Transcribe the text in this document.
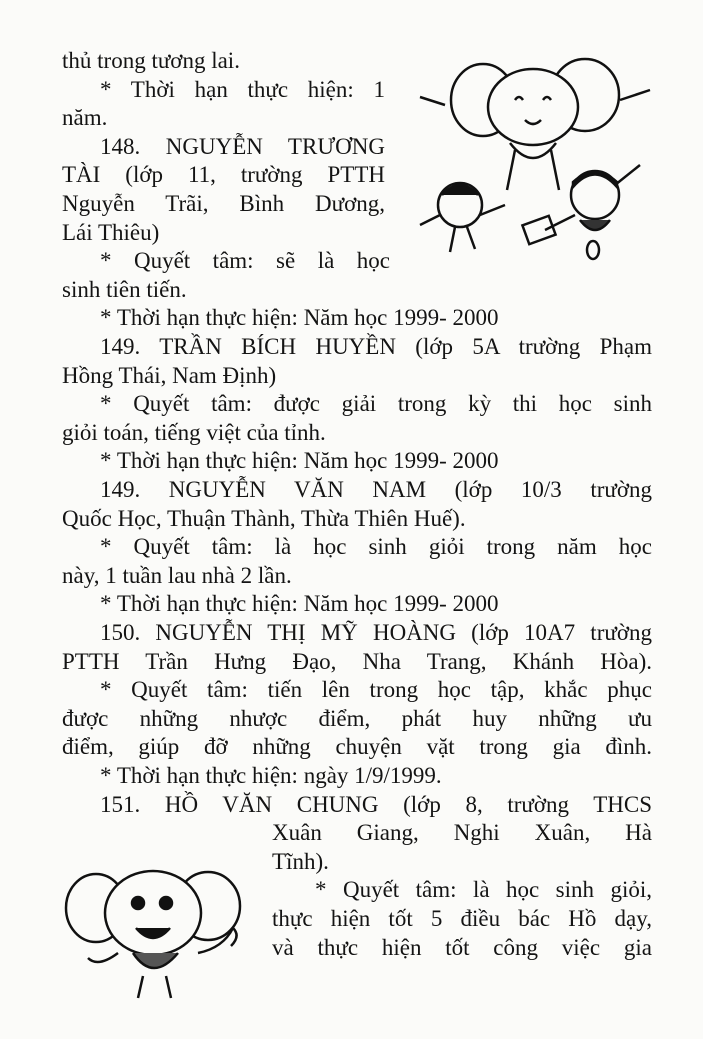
thủ trong tương lai.
* Thời hạn thực hiện: 1
năm.
148. NGUYỄN TRƯƠNG
TÀI (lớp 11, trường PTTH
Nguyễn Trãi, Bình Dương,
Lái Thiêu)
* Quyết tâm: sẽ là học
sinh tiên tiến.
* Thời hạn thực hiện: Năm học 1999- 2000
149. TRẦN BÍCH HUYỀN (lớp 5A trường Phạm
Hồng Thái, Nam Định)
* Quyết tâm: được giải trong kỳ thi học sinh
giỏi toán, tiếng việt của tỉnh.
* Thời hạn thực hiện: Năm học 1999- 2000
149. NGUYỄN VĂN NAM (lớp 10/3 trường
Quốc Học, Thuận Thành, Thừa Thiên Huế).
* Quyết tâm: là học sinh giỏi trong năm học
này, 1 tuần lau nhà 2 lần.
* Thời hạn thực hiện: Năm học 1999- 2000
150. NGUYỄN THỊ MỸ HOÀNG (lớp 10A7 trường
PTTH Trần Hưng Đạo, Nha Trang, Khánh Hòa).
* Quyết tâm: tiến lên trong học tập, khắc phục
được những nhược điểm, phát huy những ưu
điểm, giúp đỡ những chuyện vặt trong gia đình.
* Thời hạn thực hiện: ngày 1/9/1999.
151. HỒ VĂN CHUNG (lớp 8, trường THCS
Xuân Giang, Nghi Xuân, Hà
Tĩnh).
* Quyết tâm: là học sinh giỏi,
thực hiện tốt 5 điều bác Hồ dạy,
và thực hiện tốt công việc gia
